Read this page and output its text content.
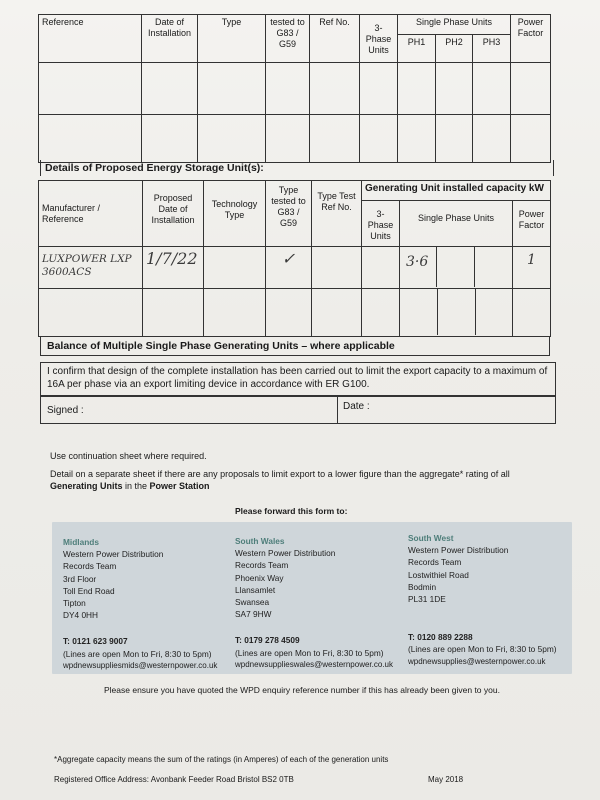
Reference	Date of Installation	Type	tested to G83 / G59	Ref No.	3-Phase Units	Single Phase Units			Power Factor
						PH1	PH2	PH3	

Details of Proposed Energy Storage Unit(s):
Manufacturer / Reference	Proposed Date of Installation	Technology Type	Type tested to G83 / G59	Type Test Ref No.	Generating Unit installed capacity kW		
					3-Phase Units	Single Phase Units	Power Factor
LUXPOWER LXP 3600ACS	1/7/22		✓			3·6	1

Balance of Multiple Single Phase Generating Units – where applicable
I confirm that design of the complete installation has been carried out to limit the export capacity to a maximum of 16A per phase via an export limiting device in accordance with ER G100.
Signed :	Date :
Use continuation sheet where required.
Detail on a separate sheet if there are any proposals to limit export to a lower figure than the aggregate* rating of all
Generating Units in the Power Station
Please forward this form to:
Midlands
Western Power Distribution
Records Team
3rd Floor
Toll End Road
Tipton
DY4 0HH
T: 0121 623 9007
(Lines are open Mon to Fri, 8:30 to 5pm)
wpdnewsuppliesmids@westernpower.co.uk
South Wales
Western Power Distribution
Records Team
Phoenix Way
Llansamlet
Swansea
SA7 9HW
T: 0179 278 4509
(Lines are open Mon to Fri, 8:30 to 5pm)
wpdnewsupplieswales@westernpower.co.uk
South West
Western Power Distribution
Records Team
Lostwithiel Road
Bodmin
PL31 1DE
T: 0120 889 2288
(Lines are open Mon to Fri, 8:30 to 5pm)
wpdnewsupplies@westernpower.co.uk
Please ensure you have quoted the WPD enquiry reference number if this has already been given to you.
*Aggregate capacity means the sum of the ratings (in Amperes) of each of the generation units
Registered Office Address: Avonbank Feeder Road Bristol BS2 0TB	May 2018
